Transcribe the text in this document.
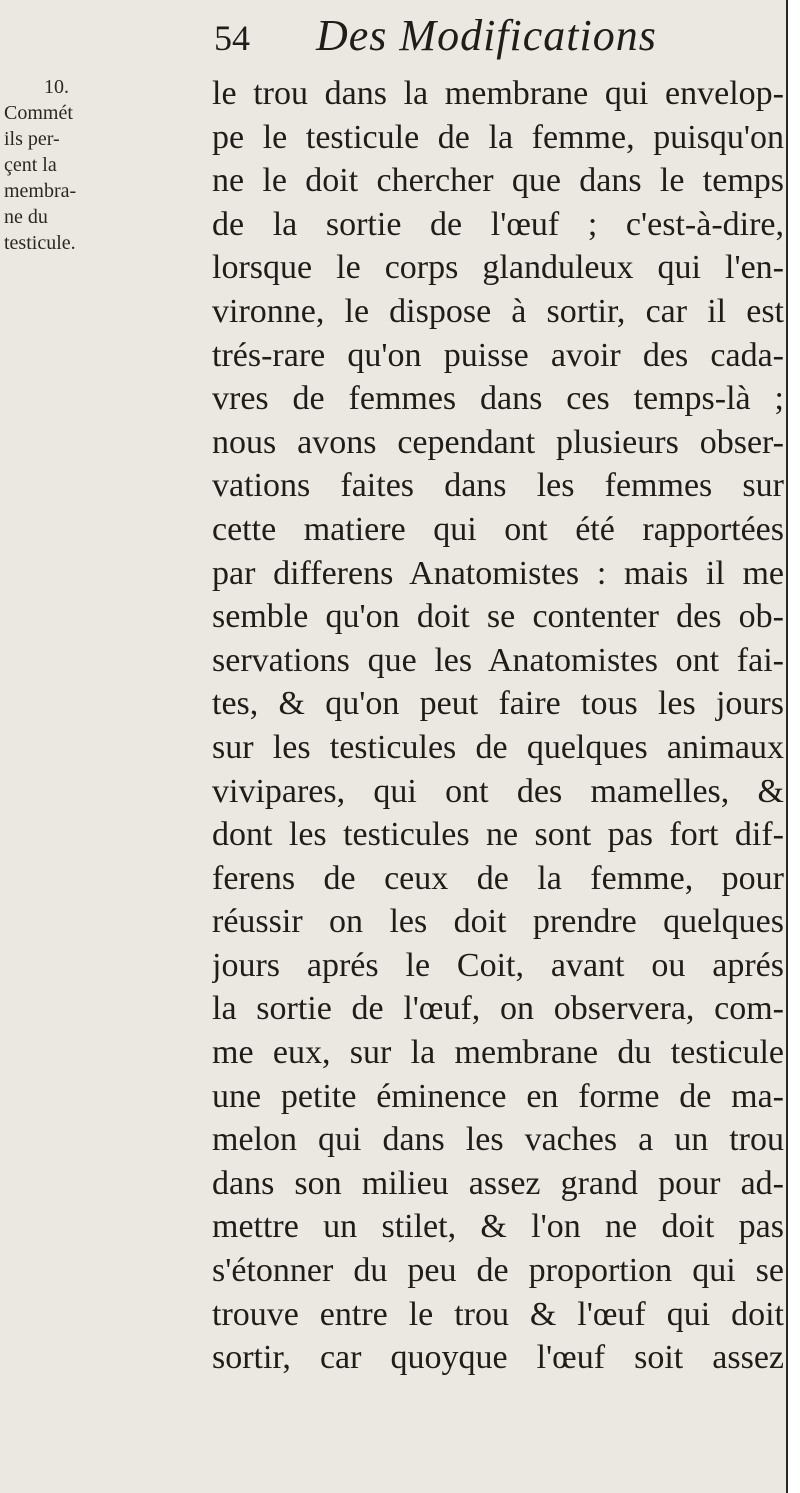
54 Des Modifications
10.
Commét
ils per-
çent la
membra-
ne du
testicule.
le trou dans la membrane qui envelop-
pe le testicule de la femme, puisqu'on
ne le doit chercher que dans le temps
de la sortie de l'œuf ; c'est-à-dire,
lorsque le corps glanduleux qui l'en-
vironne, le dispose à sortir, car il est
trés-rare qu'on puisse avoir des cada-
vres de femmes dans ces temps-là ;
nous avons cependant plusieurs obser-
vations faites dans les femmes sur
cette matiere qui ont été rapportées
par differens Anatomistes : mais il me
semble qu'on doit se contenter des ob-
servations que les Anatomistes ont fai-
tes, & qu'on peut faire tous les jours
sur les testicules de quelques animaux
vivipares, qui ont des mamelles, &
dont les testicules ne sont pas fort dif-
ferens de ceux de la femme, pour
réussir on les doit prendre quelques
jours aprés le Coit, avant ou aprés
la sortie de l'œuf, on observera, com-
me eux, sur la membrane du testicule
une petite éminence en forme de ma-
melon qui dans les vaches a un trou
dans son milieu assez grand pour ad-
mettre un stilet, & l'on ne doit pas
s'étonner du peu de proportion qui se
trouve entre le trou & l'œuf qui doit
sortir, car quoyque l'œuf soit assez
